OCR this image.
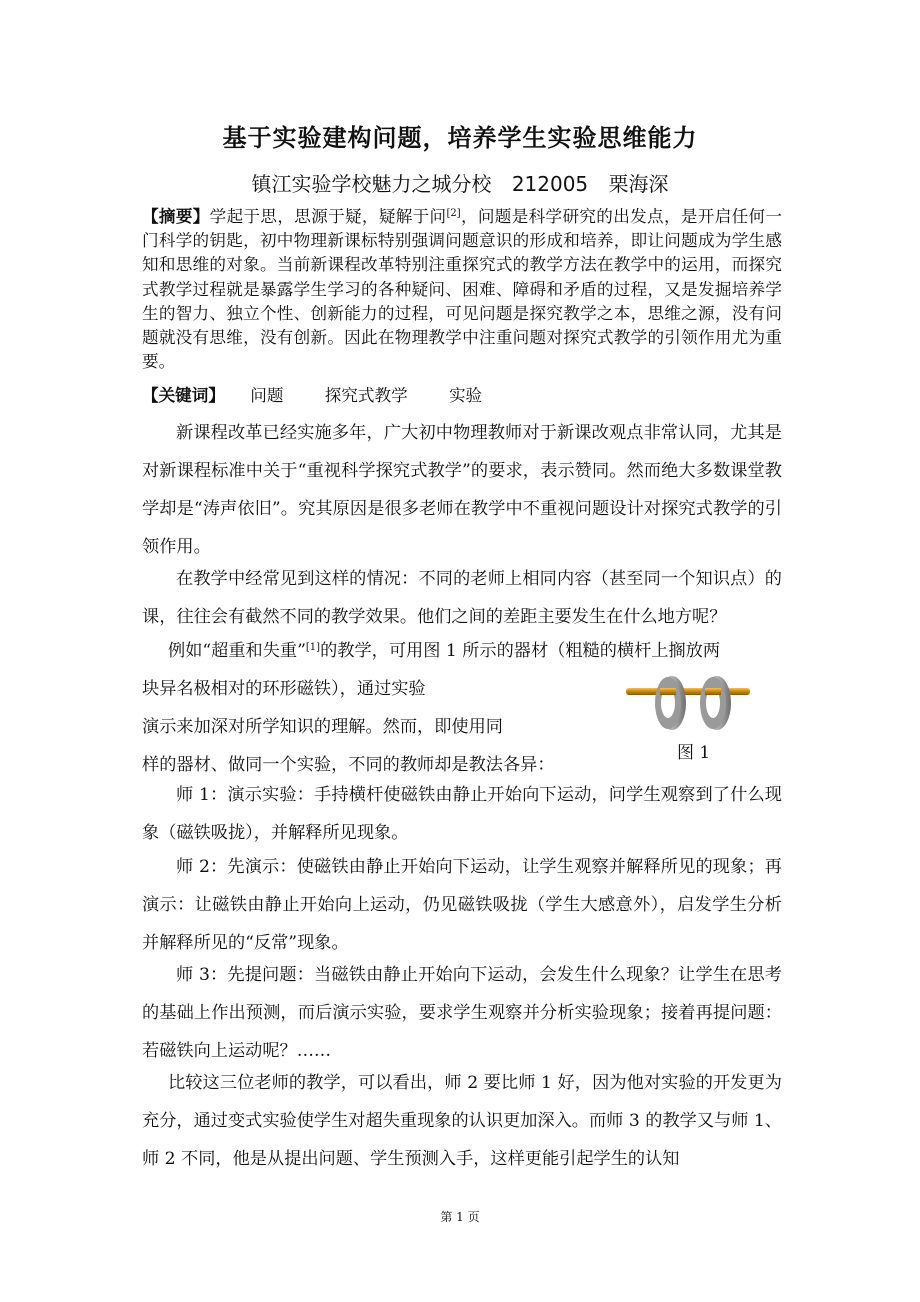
基于实验建构问题，培养学生实验思维能力
镇江实验学校魅力之城分校 212005 栗海深
【摘要】学起于思，思源于疑，疑解于问[2]，问题是科学研究的出发点，是开启任何一门科学的钥匙，初中物理新课标特别强调问题意识的形成和培养，即让问题成为学生感知和思维的对象。当前新课程改革特别注重探究式的教学方法在教学中的运用，而探究式教学过程就是暴露学生学习的各种疑问、困难、障碍和矛盾的过程，又是发掘培养学生的智力、独立个性、创新能力的过程，可见问题是探究教学之本，思维之源，没有问题就没有思维，没有创新。因此在物理教学中注重问题对探究式教学的引领作用尤为重要。
【关键词】 问题 探究式教学 实验
新课程改革已经实施多年，广大初中物理教师对于新课改观点非常认同，尤其是对新课程标准中关于“重视科学探究式教学”的要求，表示赞同。然而绝大多数课堂教学却是“涛声依旧”。究其原因是很多老师在教学中不重视问题设计对探究式教学的引领作用。
在教学中经常见到这样的情况：不同的老师上相同内容（甚至同一个知识点）的课，往往会有截然不同的教学效果。他们之间的差距主要发生在什么地方呢？
例如“超重和失重”[1]的教学，可用图 1 所示的器材（粗糙的横杆上搁放两
块异名极相对的环形磁铁），通过实验
演示来加深对所学知识的理解。然而，即使用同
样的器材、做同一个实验，不同的教师却是教法各异：
图 1
师 1：演示实验：手持横杆使磁铁由静止开始向下运动，问学生观察到了什么现象（磁铁吸拢），并解释所见现象。
师 2：先演示：使磁铁由静止开始向下运动，让学生观察并解释所见的现象；再演示：让磁铁由静止开始向上运动，仍见磁铁吸拢（学生大感意外），启发学生分析并解释所见的“反常”现象。
师 3：先提问题：当磁铁由静止开始向下运动，会发生什么现象？让学生在思考的基础上作出预测，而后演示实验，要求学生观察并分析实验现象；接着再提问题：若磁铁向上运动呢？……
比较这三位老师的教学，可以看出，师 2 要比师 1 好，因为他对实验的开发更为充分，通过变式实验使学生对超失重现象的认识更加深入。而师 3 的教学又与师 1、师 2 不同，他是从提出问题、学生预测入手，这样更能引起学生的认知
第 1 页
